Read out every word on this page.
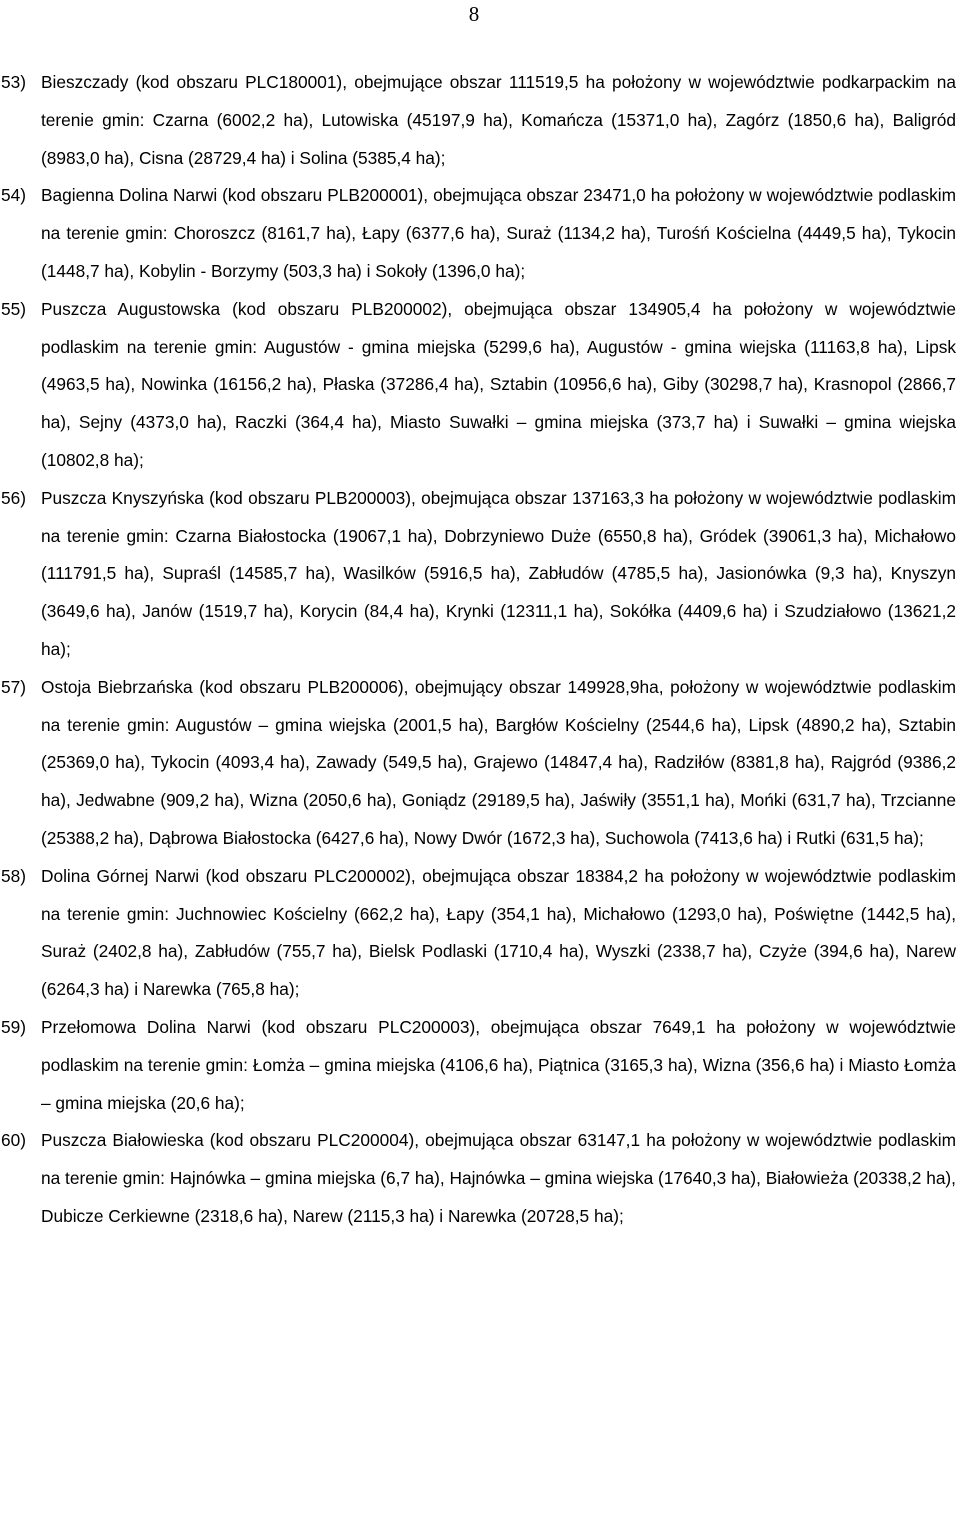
8
53) Bieszczady (kod obszaru PLC180001), obejmujące obszar 111519,5 ha położony w województwie podkarpackim na terenie gmin: Czarna (6002,2 ha), Lutowiska (45197,9 ha), Komańcza (15371,0 ha), Zagórz (1850,6 ha), Baligród (8983,0 ha), Cisna (28729,4 ha) i Solina (5385,4 ha);
54) Bagienna Dolina Narwi (kod obszaru PLB200001), obejmująca obszar 23471,0 ha położony w województwie podlaskim na terenie gmin: Choroszcz (8161,7 ha), Łapy (6377,6 ha), Suraż (1134,2 ha), Turośń Kościelna (4449,5 ha), Tykocin (1448,7 ha), Kobylin - Borzymy (503,3 ha) i Sokoły (1396,0 ha);
55) Puszcza Augustowska (kod obszaru PLB200002), obejmująca obszar 134905,4 ha położony w województwie podlaskim na terenie gmin: Augustów - gmina miejska (5299,6 ha), Augustów - gmina wiejska (11163,8 ha), Lipsk (4963,5 ha), Nowinka (16156,2 ha), Płaska (37286,4 ha), Sztabin (10956,6 ha), Giby (30298,7 ha), Krasnopol (2866,7 ha), Sejny (4373,0 ha), Raczki (364,4 ha), Miasto Suwałki – gmina miejska (373,7 ha) i Suwałki – gmina wiejska (10802,8 ha);
56) Puszcza Knyszyńska (kod obszaru PLB200003), obejmująca obszar 137163,3 ha położony w województwie podlaskim na terenie gmin: Czarna Białostocka (19067,1 ha), Dobrzyniewo Duże (6550,8 ha), Gródek (39061,3 ha), Michałowo (111791,5 ha), Supraśl (14585,7 ha), Wasilków (5916,5 ha), Zabłudów (4785,5 ha), Jasionówka (9,3 ha), Knyszyn (3649,6 ha), Janów (1519,7 ha), Korycin (84,4 ha), Krynki (12311,1 ha), Sokółka (4409,6 ha) i Szudziałowo (13621,2 ha);
57) Ostoja Biebrzańska (kod obszaru PLB200006), obejmujący obszar 149928,9ha, położony w województwie podlaskim na terenie gmin: Augustów – gmina wiejska (2001,5 ha), Bargłów Kościelny (2544,6 ha), Lipsk (4890,2 ha), Sztabin (25369,0 ha), Tykocin (4093,4 ha), Zawady (549,5 ha), Grajewo (14847,4 ha), Radziłów (8381,8 ha), Rajgród (9386,2 ha), Jedwabne (909,2 ha), Wizna (2050,6 ha), Goniądz (29189,5 ha), Jaświły (3551,1 ha), Mońki (631,7 ha), Trzcianne (25388,2 ha), Dąbrowa Białostocka (6427,6 ha), Nowy Dwór (1672,3 ha), Suchowola (7413,6 ha) i Rutki (631,5 ha);
58) Dolina Górnej Narwi (kod obszaru PLC200002), obejmująca obszar 18384,2 ha położony w województwie podlaskim na terenie gmin: Juchnowiec Kościelny (662,2 ha), Łapy (354,1 ha), Michałowo (1293,0 ha), Poświętne (1442,5 ha), Suraż (2402,8 ha), Zabłudów (755,7 ha), Bielsk Podlaski (1710,4 ha), Wyszki (2338,7 ha), Czyże (394,6 ha), Narew (6264,3 ha) i Narewka (765,8 ha);
59) Przełomowa Dolina Narwi (kod obszaru PLC200003), obejmująca obszar 7649,1 ha położony w województwie podlaskim na terenie gmin: Łomża – gmina miejska (4106,6 ha), Piątnica (3165,3 ha), Wizna (356,6 ha) i Miasto Łomża – gmina miejska (20,6 ha);
60) Puszcza Białowieska (kod obszaru PLC200004), obejmująca obszar 63147,1 ha położony w województwie podlaskim na terenie gmin: Hajnówka – gmina miejska (6,7 ha), Hajnówka – gmina wiejska (17640,3 ha), Białowieża (20338,2 ha), Dubicze Cerkiewne (2318,6 ha), Narew (2115,3 ha) i Narewka (20728,5 ha);
